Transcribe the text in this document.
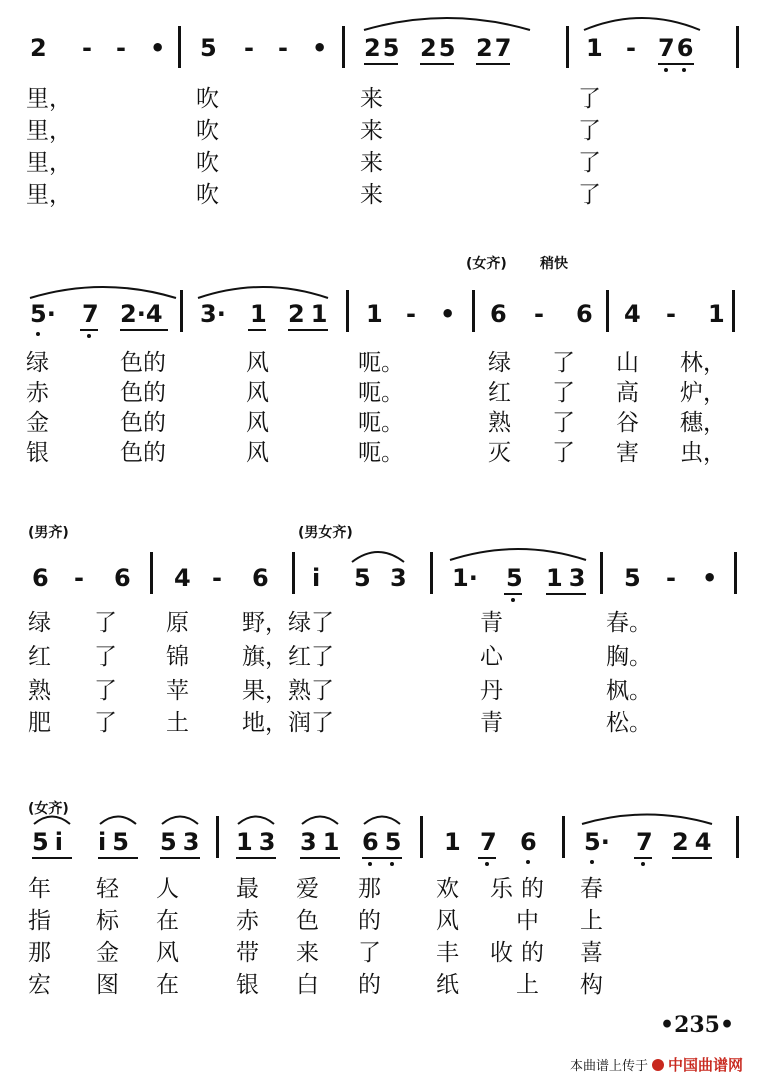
2 - - • 5 - - • 25 25 27	1 - 76
里，	吹	来	了
里，	吹	来	了
里，	吹	来	了
里，	吹	来	了
(女齐) 稍快
5· 7 2·4 3· 1 21 1 - • 6 - 6 4 - 1
绿	色的	风	呃。	绿 了 山 林，
赤	色的	风	呃。	红 了 高 炉，
金	色的	风	呃。	熟 了 谷 穗，
银	色的	风	呃。	灭 了 害 虫，
(男齐)	(男女齐)
6 - 6 4 - 6 i 5 3 1· 5 13 5 - •
绿 了 原 野，绿了	青	春。
红 了 锦 旗，红了	心	胸。
熟 了 苹 果，熟了	丹	枫。
肥 了 土 地，润了	青	松。
(女齐)
5i i5 53 13 31 65 1 7 6 5· 7 24
年 轻 人 最 爱 那 欢 乐的 春
指 标 在 赤 色 的 风 中 上
那 金 风 带 来 了 丰 收的 喜
宏 图 在 银 白 的 纸 上 构
•235•
本曲谱上传于 中国曲谱网
